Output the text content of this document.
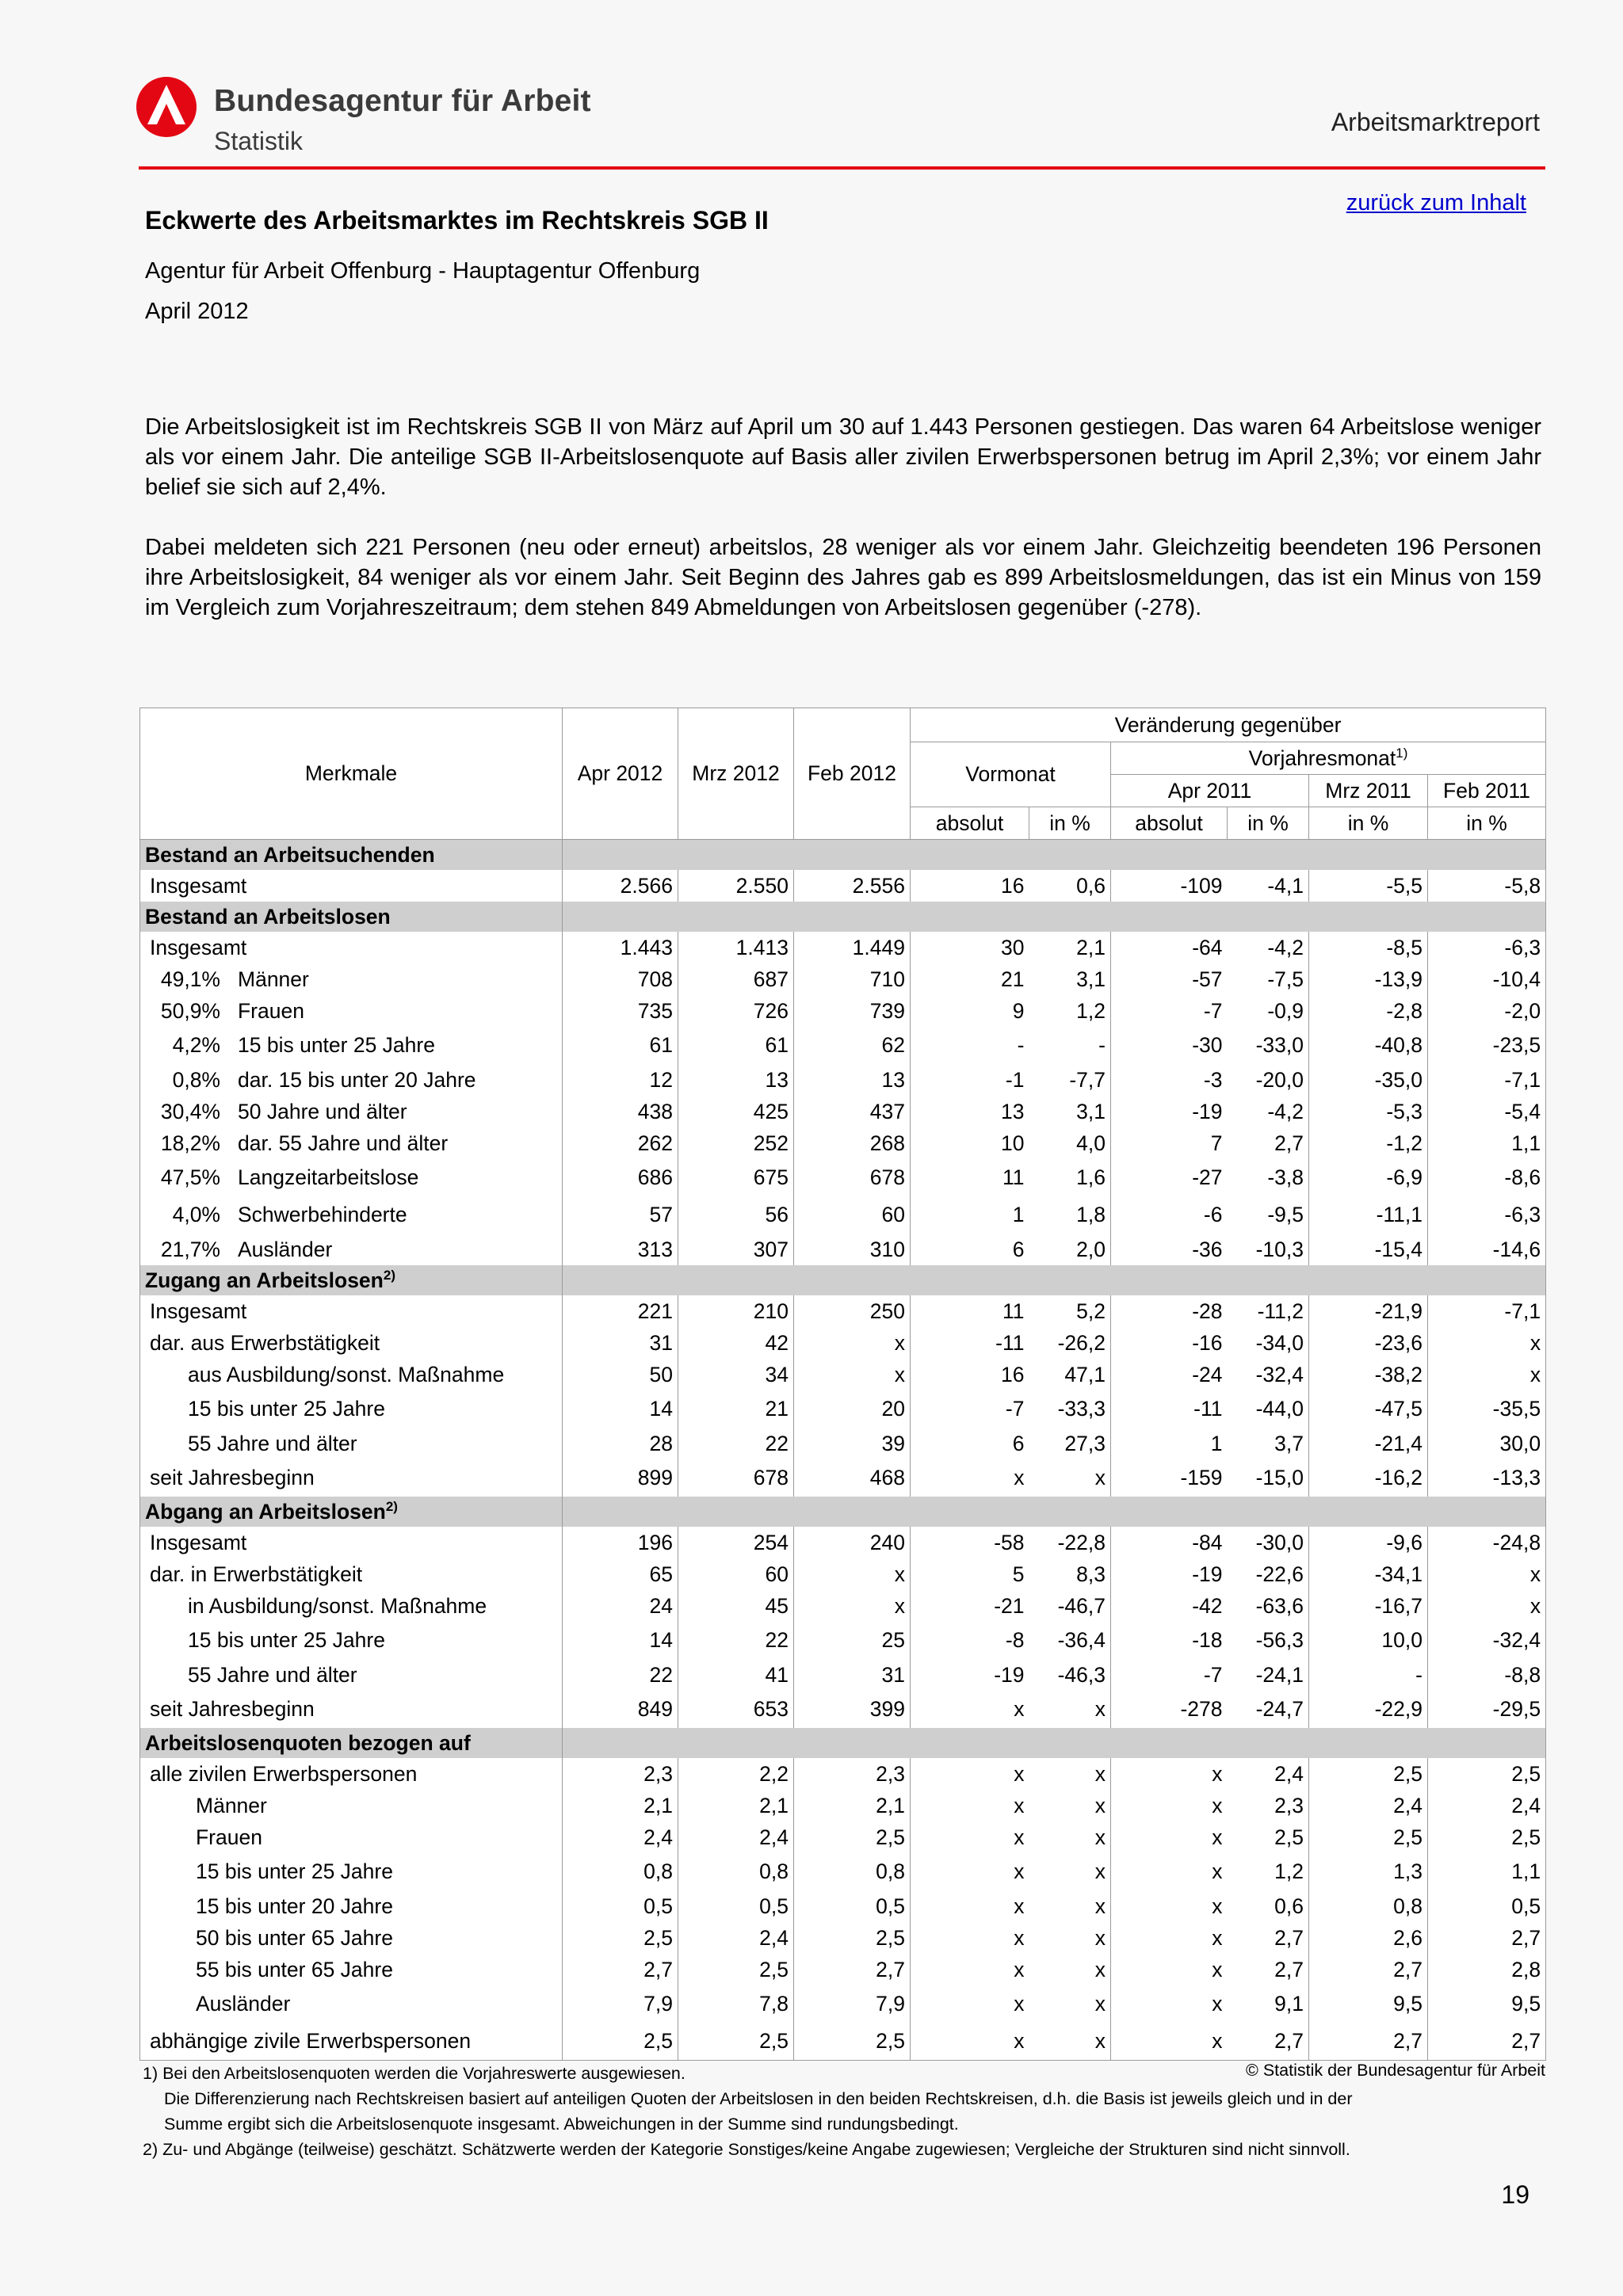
Bundesagentur für Arbeit
Statistik
Arbeitsmarktreport
zurück zum Inhalt
Eckwerte des Arbeitsmarktes im Rechtskreis SGB II
Agentur für Arbeit Offenburg - Hauptagentur Offenburg
April 2012
Die Arbeitslosigkeit ist im Rechtskreis SGB II von März auf April um 30 auf 1.443 Personen gestiegen. Das waren 64 Arbeitslose weniger als vor einem Jahr. Die anteilige SGB II-Arbeitslosenquote auf Basis aller zivilen Erwerbspersonen betrug im April 2,3%; vor einem Jahr belief sie sich auf 2,4%.
Dabei meldeten sich 221 Personen (neu oder erneut) arbeitslos, 28 weniger als vor einem Jahr. Gleichzeitig beendeten 196 Personen ihre Arbeitslosigkeit, 84 weniger als vor einem Jahr. Seit Beginn des Jahres gab es 899 Arbeitslosmeldungen, das ist ein Minus von 159 im Vergleich zum Vorjahreszeitraum; dem stehen 849 Abmeldungen von Arbeitslosen gegenüber (-278).
Merkmale	Apr 2012	Mrz 2012	Feb 2012	Veränderung gegenüber					
				Vormonat		Vorjahresmonat$^{1)}$
						Apr 2011		Mrz 2011	Feb 2011
				absolut	in %	absolut	in %	in %	in %
Bestand an Arbeitsuchenden									
Insgesamt	2.566	2.550	2.556	16	0,6	-109	-4,1	-5,5	-5,8
Bestand an Arbeitslosen									
Insgesamt	1.443	1.413	1.449	30	2,1	-64	-4,2	-8,5	-6,3
49,1% Männer	708	687	710	21	3,1	-57	-7,5	-13,9	-10,4
50,9% Frauen	735	726	739	9	1,2	-7	-0,9	-2,8	-2,0
4,2% 15 bis unter 25 Jahre	61	61	62	-	-	-30	-33,0	-40,8	-23,5
0,8% dar. 15 bis unter 20 Jahre	12	13	13	-1	-7,7	-3	-20,0	-35,0	-7,1
30,4% 50 Jahre und älter	438	425	437	13	3,1	-19	-4,2	-5,3	-5,4
18,2% dar. 55 Jahre und älter	262	252	268	10	4,0	7	2,7	-1,2	1,1
47,5% Langzeitarbeitslose	686	675	678	11	1,6	-27	-3,8	-6,9	-8,6
4,0% Schwerbehinderte	57	56	60	1	1,8	-6	-9,5	-11,1	-6,3
21,7% Ausländer	313	307	310	6	2,0	-36	-10,3	-15,4	-14,6
Zugang an Arbeitslosen$^{2)}$									
Insgesamt	221	210	250	11	5,2	-28	-11,2	-21,9	-7,1
dar. aus Erwerbstätigkeit	31	42	x	-11	-26,2	-16	-34,0	-23,6	x
aus Ausbildung/sonst. Maßnahme	50	34	x	16	47,1	-24	-32,4	-38,2	x
15 bis unter 25 Jahre	14	21	20	-7	-33,3	-11	-44,0	-47,5	-35,5
55 Jahre und älter	28	22	39	6	27,3	1	3,7	-21,4	30,0
seit Jahresbeginn	899	678	468	x	x	-159	-15,0	-16,2	-13,3
Abgang an Arbeitslosen$^{2)}$									
Insgesamt	196	254	240	-58	-22,8	-84	-30,0	-9,6	-24,8
dar. in Erwerbstätigkeit	65	60	x	5	8,3	-19	-22,6	-34,1	x
in Ausbildung/sonst. Maßnahme	24	45	x	-21	-46,7	-42	-63,6	-16,7	x
15 bis unter 25 Jahre	14	22	25	-8	-36,4	-18	-56,3	10,0	-32,4
55 Jahre und älter	22	41	31	-19	-46,3	-7	-24,1	-	-8,8
seit Jahresbeginn	849	653	399	x	x	-278	-24,7	-22,9	-29,5
Arbeitslosenquoten bezogen auf									
alle zivilen Erwerbspersonen	2,3	2,2	2,3	x	x	x	2,4	2,5	2,5
Männer	2,1	2,1	2,1	x	x	x	2,3	2,4	2,4
Frauen	2,4	2,4	2,5	x	x	x	2,5	2,5	2,5
15 bis unter 25 Jahre	0,8	0,8	0,8	x	x	x	1,2	1,3	1,1
15 bis unter 20 Jahre	0,5	0,5	0,5	x	x	x	0,6	0,8	0,5
50 bis unter 65 Jahre	2,5	2,4	2,5	x	x	x	2,7	2,6	2,7
55 bis unter 65 Jahre	2,7	2,5	2,7	x	x	x	2,7	2,7	2,8
Ausländer	7,9	7,8	7,9	x	x	x	9,1	9,5	9,5
abhängige zivile Erwerbspersonen	2,5	2,5	2,5	x	x	x	2,7	2,7	2,7
1) Bei den Arbeitslosenquoten werden die Vorjahreswerte ausgewiesen.
Die Differenzierung nach Rechtskreisen basiert auf anteiligen Quoten der Arbeitslosen in den beiden Rechtskreisen, d.h. die Basis ist jeweils gleich und in der
Summe ergibt sich die Arbeitslosenquote insgesamt. Abweichungen in der Summe sind rundungsbedingt.
2) Zu- und Abgänge (teilweise) geschätzt. Schätzwerte werden der Kategorie Sonstiges/keine Angabe zugewiesen; Vergleiche der Strukturen sind nicht sinnvoll.
© Statistik der Bundesagentur für Arbeit
19
